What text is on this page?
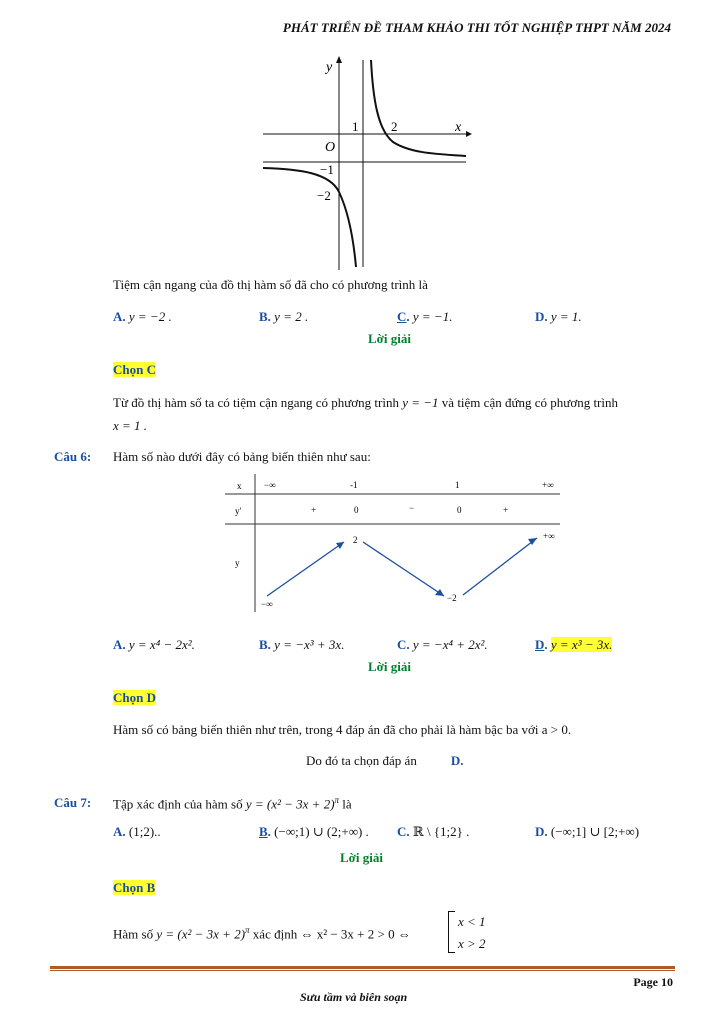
PHÁT TRIỂN ĐỀ THAM KHẢO THI TỐT NGHIỆP THPT NĂM 2024
y
x
1	2
O
−1
−2
Tiệm cận ngang của đồ thị hàm số đã cho có phương trình là
A. y = −2 .	B. y = 2 .	C. y = −1.	D. y = 1.
Lời giải
Chọn C
Từ đồ thị hàm số ta có tiệm cận ngang có phương trình y = −1 và tiệm cận đứng có phương trình
x = 1 .
Câu 6: Hàm số nào dưới đây có bảng biến thiên như sau:
x
y'
y
−∞	-1	1	+∞
+	0	−	0	+
2	+∞
−∞
−2
A. y = x⁴ − 2x².	B. y = −x³ + 3x.	C. y = −x⁴ + 2x².	D. y = x³ − 3x.
Lời giải
Chọn D
Hàm số có bảng biến thiên như trên, trong 4 đáp án đã cho phải là hàm bậc ba với a > 0.
Do đó ta chọn đáp án	D.
Câu 7: Tập xác định của hàm số $y = (x^2 - 3x + 2)^\pi$ là
A. (1;2)..	B. (−∞;1) ∪ (2;+∞) . C. ℝ \ {1;2} .	D. (−∞;1] ∪ [2;+∞)
Lời giải
Chọn B
Hàm số $y = (x^2 - 3x + 2)^\pi$ xác định ⇔ x² − 3x + 2 > 0 ⇔
x < 1
x > 2
Page 10
Sưu tầm và biên soạn
